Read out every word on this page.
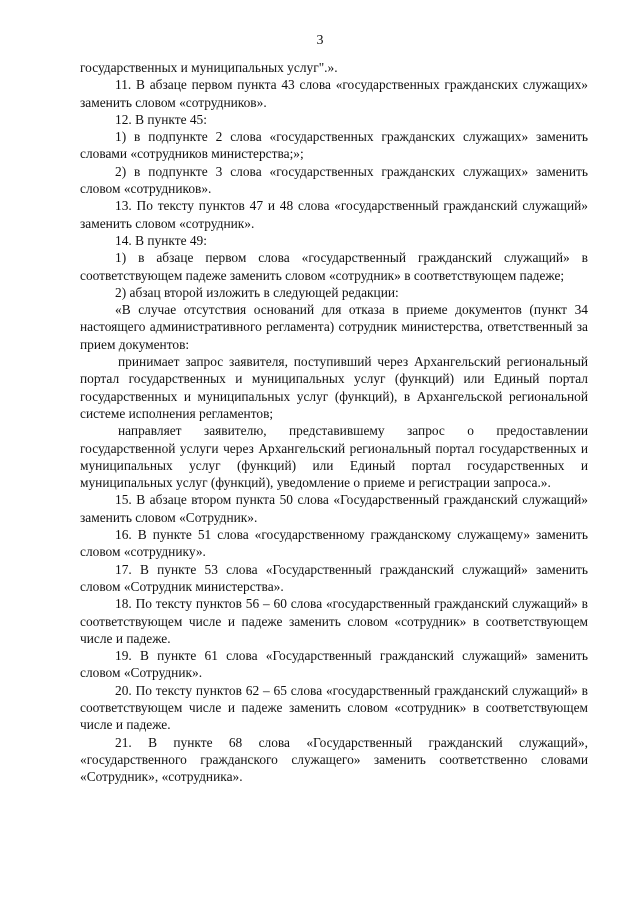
3

государственных и муниципальных услуг".».

11. В абзаце первом пункта 43 слова «государственных гражданских служащих» заменить словом «сотрудников».

12. В пункте 45:

1) в подпункте 2 слова «государственных гражданских служащих» заменить словами «сотрудников министерства;»;

2) в подпункте 3 слова «государственных гражданских служащих» заменить словом «сотрудников».

13. По тексту пунктов 47 и 48 слова «государственный гражданский служащий» заменить словом «сотрудник».

14. В пункте 49:

1) в абзаце первом слова «государственный гражданский служащий» в соответствующем падеже заменить словом «сотрудник» в соответствующем падеже;

2) абзац второй изложить в следующей редакции:

«В случае отсутствия оснований для отказа в приеме документов (пункт 34 настоящего административного регламента) сотрудник министерства, ответственный за прием документов:

принимает запрос заявителя, поступивший через Архангельский региональный портал государственных и муниципальных услуг (функций) или Единый портал государственных и муниципальных услуг (функций), в Архангельской региональной системе исполнения регламентов;

направляет заявителю, представившему запрос о предоставлении государственной услуги через Архангельский региональный портал государственных и муниципальных услуг (функций) или Единый портал государственных и муниципальных услуг (функций), уведомление о приеме и регистрации запроса.».

15. В абзаце втором пункта 50 слова «Государственный гражданский служащий» заменить словом «Сотрудник».

16. В пункте 51 слова «государственному гражданскому служащему» заменить словом «сотруднику».

17. В пункте 53 слова «Государственный гражданский служащий» заменить словом «Сотрудник министерства».

18. По тексту пунктов 56 – 60 слова «государственный гражданский служащий» в соответствующем числе и падеже заменить словом «сотрудник» в соответствующем числе и падеже.

19. В пункте 61 слова «Государственный гражданский служащий» заменить словом «Сотрудник».

20. По тексту пунктов 62 – 65 слова «государственный гражданский служащий» в соответствующем числе и падеже заменить словом «сотрудник» в соответствующем числе и падеже.

21. В пункте 68 слова «Государственный гражданский служащий», «государственного гражданского служащего» заменить соответственно словами «Сотрудник», «сотрудника».
